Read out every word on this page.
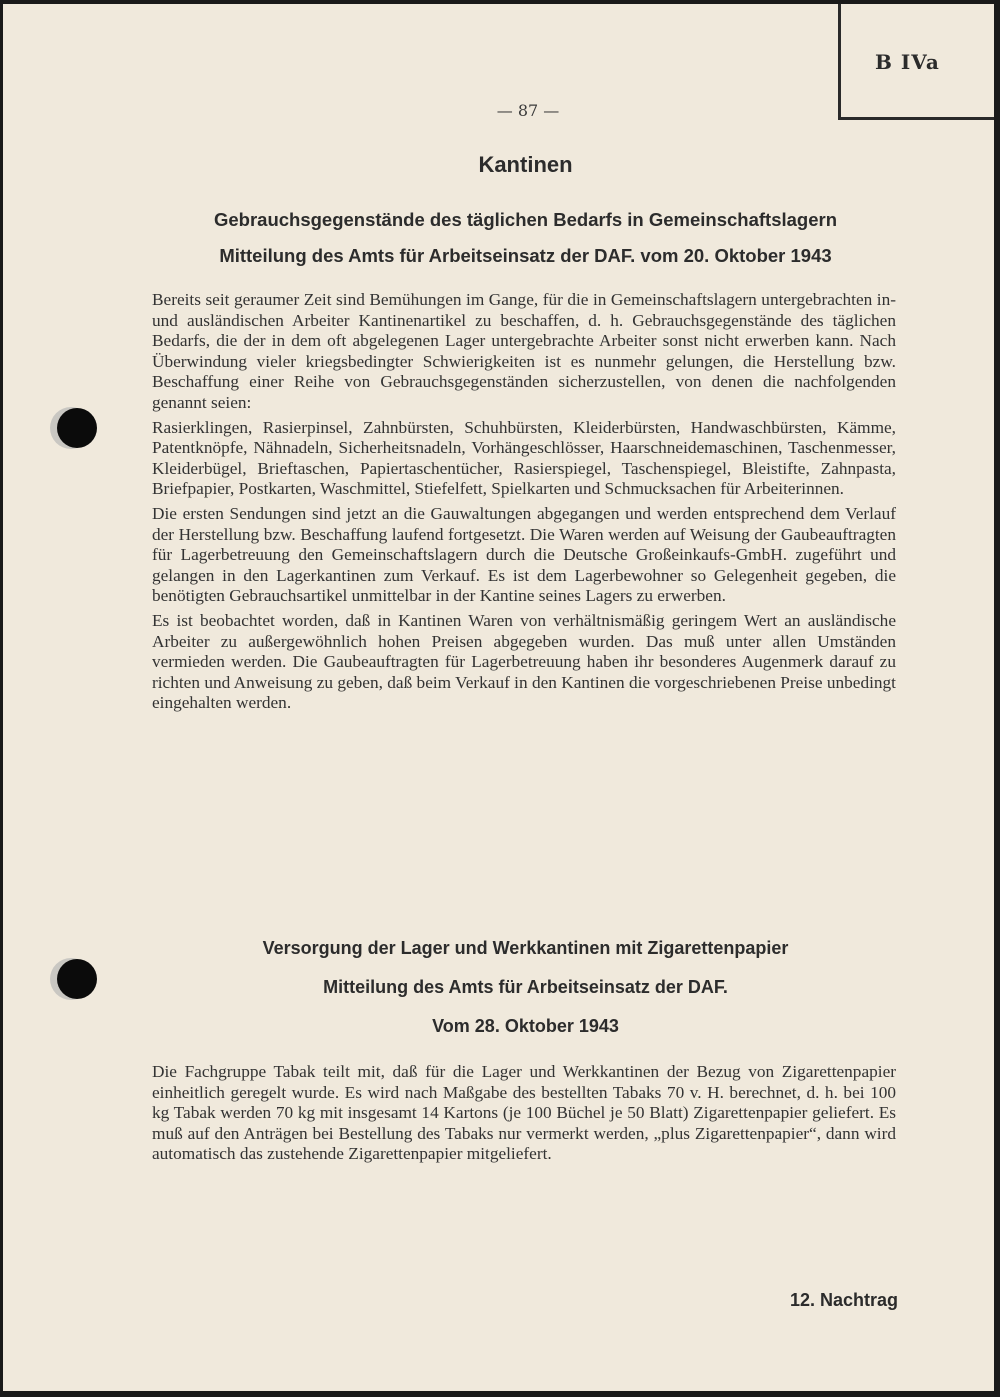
B IVa
— 87 —
Kantinen
Gebrauchsgegenstände des täglichen Bedarfs in Gemeinschaftslagern
Mitteilung des Amts für Arbeitseinsatz der DAF. vom 20. Oktober 1943

Bereits seit geraumer Zeit sind Bemühungen im Gange, für die in Gemeinschaftslagern untergebrachten in- und ausländischen Arbeiter Kantinenartikel zu beschaffen, d. h. Gebrauchsgegenstände des täglichen Bedarfs, die der in dem oft abgelegenen Lager untergebrachte Arbeiter sonst nicht erwerben kann. Nach Überwindung vieler kriegsbedingter Schwierigkeiten ist es nunmehr gelungen, die Herstellung bzw. Beschaffung einer Reihe von Gebrauchsgegenständen sicherzustellen, von denen die nachfolgenden genannt seien:

Rasierklingen, Rasierpinsel, Zahnbürsten, Schuhbürsten, Kleiderbürsten, Handwaschbürsten, Kämme, Patentknöpfe, Nähnadeln, Sicherheitsnadeln, Vorhängeschlösser, Haarschneidemaschinen, Taschenmesser, Kleiderbügel, Brieftaschen, Papiertaschentücher, Rasierspiegel, Taschenspiegel, Bleistifte, Zahnpasta, Briefpapier, Postkarten, Waschmittel, Stiefelfett, Spielkarten und Schmucksachen für Arbeiterinnen.

Die ersten Sendungen sind jetzt an die Gauwaltungen abgegangen und werden entsprechend dem Verlauf der Herstellung bzw. Beschaffung laufend fortgesetzt. Die Waren werden auf Weisung der Gaubeauftragten für Lagerbetreuung den Gemeinschaftslagern durch die Deutsche Großeinkaufs-GmbH. zugeführt und gelangen in den Lagerkantinen zum Verkauf. Es ist dem Lagerbewohner so Gelegenheit gegeben, die benötigten Gebrauchsartikel unmittelbar in der Kantine seines Lagers zu erwerben.

Es ist beobachtet worden, daß in Kantinen Waren von verhältnismäßig geringem Wert an ausländische Arbeiter zu außergewöhnlich hohen Preisen abgegeben wurden. Das muß unter allen Umständen vermieden werden. Die Gaubeauftragten für Lagerbetreuung haben ihr besonderes Augenmerk darauf zu richten und Anweisung zu geben, daß beim Verkauf in den Kantinen die vorgeschriebenen Preise unbedingt eingehalten werden.

Versorgung der Lager und Werkkantinen mit Zigarettenpapier
Mitteilung des Amts für Arbeitseinsatz der DAF.
Vom 28. Oktober 1943

Die Fachgruppe Tabak teilt mit, daß für die Lager und Werkkantinen der Bezug von Zigarettenpapier einheitlich geregelt wurde. Es wird nach Maßgabe des bestellten Tabaks 70 v. H. berechnet, d. h. bei 100 kg Tabak werden 70 kg mit insgesamt 14 Kartons (je 100 Büchel je 50 Blatt) Zigarettenpapier geliefert. Es muß auf den Anträgen bei Bestellung des Tabaks nur vermerkt werden, „plus Zigarettenpapier“, dann wird automatisch das zustehende Zigarettenpapier mitgeliefert.

12. Nachtrag
